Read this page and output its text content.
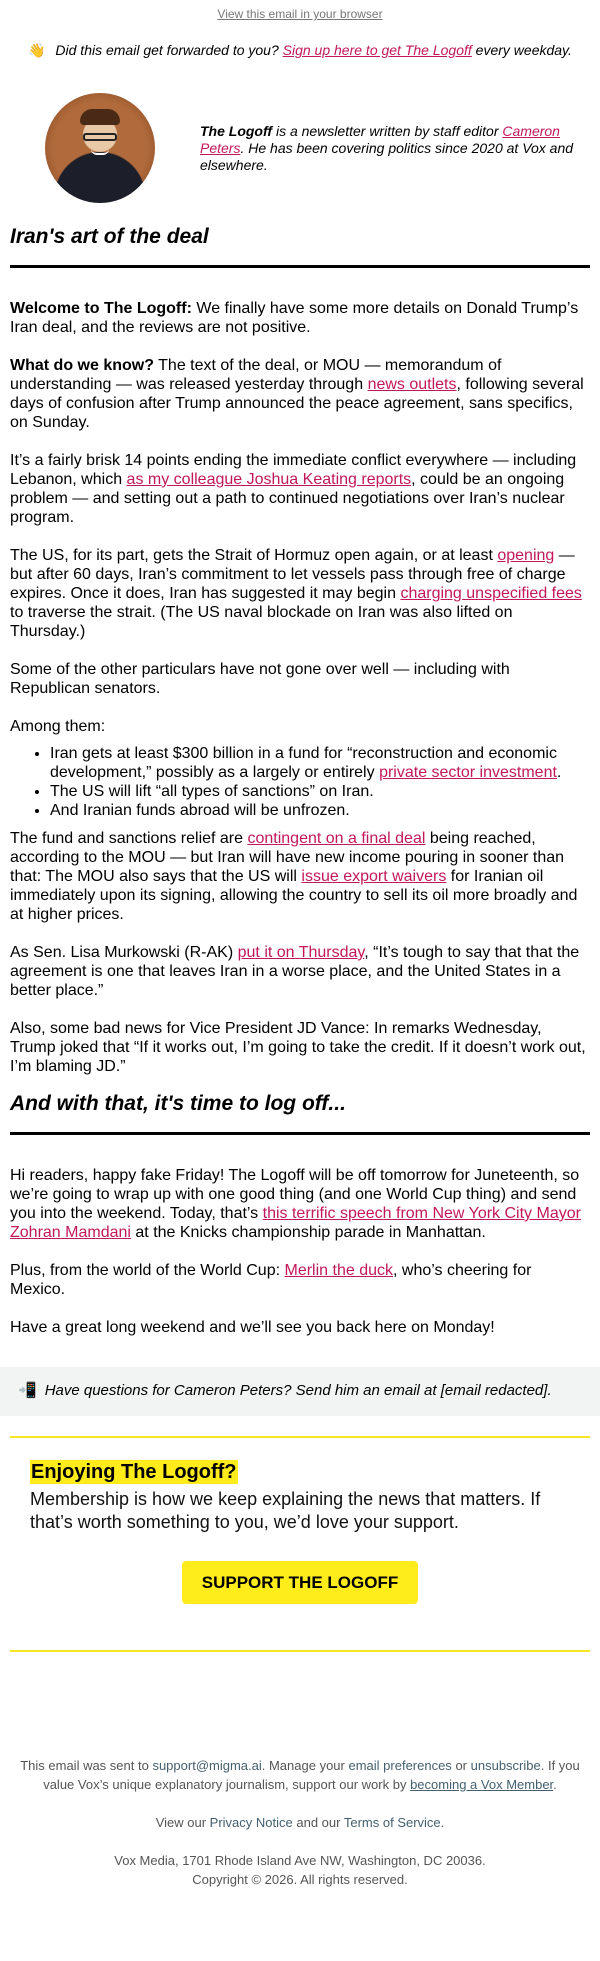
View this email in your browser
👋 Did this email get forwarded to you? Sign up here to get The Logoff every weekday.
The Logoff is a newsletter written by staff editor Cameron Peters. He has been covering politics since 2020 at Vox and elsewhere.
Iran's art of the deal

Welcome to The Logoff: We finally have some more details on Donald Trump’s Iran deal, and the reviews are not positive.

What do we know? The text of the deal, or MOU — memorandum of understanding — was released yesterday through news outlets, following several days of confusion after Trump announced the peace agreement, sans specifics, on Sunday.

It’s a fairly brisk 14 points ending the immediate conflict everywhere — including Lebanon, which as my colleague Joshua Keating reports, could be an ongoing problem — and setting out a path to continued negotiations over Iran’s nuclear program.

The US, for its part, gets the Strait of Hormuz open again, or at least opening — but after 60 days, Iran’s commitment to let vessels pass through free of charge expires. Once it does, Iran has suggested it may begin charging unspecified fees to traverse the strait. (The US naval blockade on Iran was also lifted on Thursday.)

Some of the other particulars have not gone over well — including with Republican senators.

Among them:

• Iran gets at least $300 billion in a fund for “reconstruction and economic development,” possibly as a largely or entirely private sector investment.
• The US will lift “all types of sanctions” on Iran.
• And Iranian funds abroad will be unfrozen.

The fund and sanctions relief are contingent on a final deal being reached, according to the MOU — but Iran will have new income pouring in sooner than that: The MOU also says that the US will issue export waivers for Iranian oil immediately upon its signing, allowing the country to sell its oil more broadly and at higher prices.

As Sen. Lisa Murkowski (R-AK) put it on Thursday, “It’s tough to say that that the agreement is one that leaves Iran in a worse place, and the United States in a better place.”

Also, some bad news for Vice President JD Vance: In remarks Wednesday, Trump joked that “If it works out, I’m going to take the credit. If it doesn’t work out, I’m blaming JD.”

And with that, it's time to log off...

Hi readers, happy fake Friday! The Logoff will be off tomorrow for Juneteenth, so we’re going to wrap up with one good thing (and one World Cup thing) and send you into the weekend. Today, that’s this terrific speech from New York City Mayor Zohran Mamdani at the Knicks championship parade in Manhattan.

Plus, from the world of the World Cup: Merlin the duck, who’s cheering for Mexico.

Have a great long weekend and we’ll see you back here on Monday!

📲 Have questions for Cameron Peters? Send him an email at [email redacted].
Enjoying The Logoff?
Membership is how we keep explaining the news that matters. If that’s worth something to you, we’d love your support.
SUPPORT THE LOGOFF

This email was sent to support@migma.ai. Manage your email preferences or unsubscribe. If you value Vox’s unique explanatory journalism, support our work by becoming a Vox Member.

View our Privacy Notice and our Terms of Service.

Vox Media, 1701 Rhode Island Ave NW, Washington, DC 20036.
Copyright © 2026. All rights reserved.
